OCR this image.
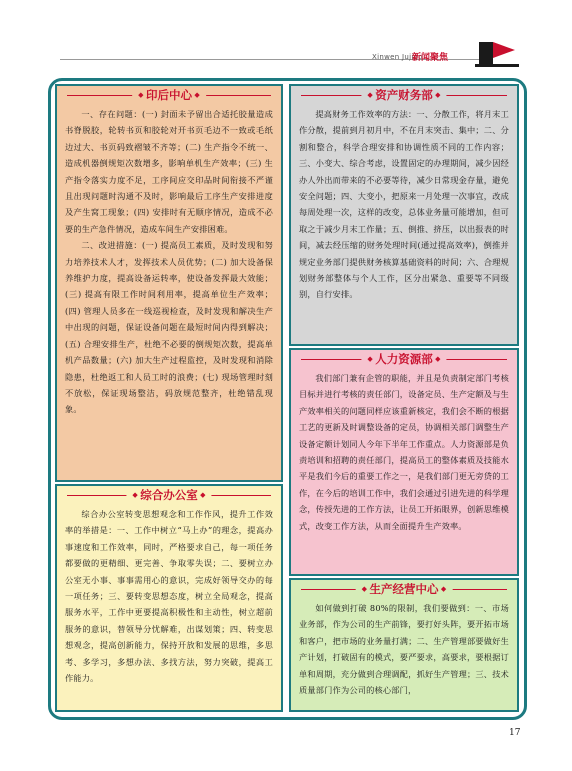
Xinwen Jujiao
新闻聚焦
◆ 印后中心 ◆

一、存在问题：(一) 封面未予留出合适托胶量造成书脊脱胶，轮转书页和胶轮对开书页毛边不一致或毛纸边过大、书页码致褶皱不齐等；(二) 生产指令不统一、造成机器倒规矩次数增多，影响单机生产效率；(三) 生产指令落实力度不足，工序间应交印品时间衔接不严谨且出现问题时沟通不及时，影响最后工序生产安排进度及产生窝工现象；(四) 安排时有无顺序情况，造成不必要的生产急件情况，造成车间生产安排困难。

二、改进措施：(一) 提高员工素质，及时发现和努力培养技术人才，发挥技术人员优势；(二) 加大设备保养维护力度，提高设备运转率，使设备发挥最大效能；(三) 提高有限工作时间利用率，提高单位生产效率；(四) 管理人员多在一线巡视检查，及时发现和解决生产中出现的问题，保证设备问题在最短时间内得到解决；(五) 合理安排生产，杜绝不必要的倒规矩次数，提高单机产品数量；(六) 加大生产过程监控，及时发现和消除隐患，杜绝返工和人员工时的浪费；(七) 现场管理时刻不放松，保证现场整洁，码放规范整齐，杜绝错乱现象。

◆ 综合办公室 ◆

综合办公室转变思想观念和工作作风，提升工作效率的举措是：一、工作中树立“马上办”的理念，提高办事速度和工作效率，同时，严格要求自己，每一项任务都要做的更精细、更完善、争取零失误；二、要树立办公室无小事、事事需用心的意识，完成好领导交办的每一项任务；三、要转变思想态度，树立全局观念，提高服务水平，工作中更要提高积极性和主动性，树立超前服务的意识，替领导分忧解难，出谋划策；四、转变思想观念，提高创新能力，保持开放和发展的思维，多思考、多学习，多想办法、多找方法，努力突破，提高工作能力。

◆ 资产财务部 ◆

提高财务工作效率的方法：一、分散工作，将月末工作分散，提前到月初月中，不在月末突击、集中；二、分割和整合，科学合理安排和协调性质不同的工作内容；三、小变大、综合考虑，设置固定的办理期间，减少因经办人外出而带来的不必要等待，减少日常现金存量，避免安全问题；四、大变小，把原来一月处理一次事宜，改成每周处理一次，这样的改变，总体业务量可能增加，但可取之于减少月末工作量；五、倒推、挤压，以出报表的时间，减去经压缩的财务处理时间(通过提高效率)，倒推并规定业务部门提供财务核算基础资料的时间；六、合理规划财务部整体与个人工作，区分出紧急、重要等不同级别，自行安排。

◆ 人力资源部 ◆

我们部门兼有企管的职能，并且是负责制定部门考核目标并进行考核的责任部门，设备定员、生产定额及与生产效率相关的问题同样应该重新核定，我们会不断的根据工艺的更新及时调整设备的定员，协调相关部门调整生产设备定额计划同人今年下半年工作重点。人力资源部是负责培训和招聘的责任部门，提高员工的整体素质及技能水平是我们今后的重要工作之一，是我们部门更无旁贷的工作，在今后的培训工作中，我们会通过引进先进的科学理念，传授先进的工作方法，让员工开拓眼界，创新思维模式，改变工作方法，从而全面提升生产效率。

◆ 生产经营中心 ◆

如何做到打破 80%的限制，我们要做到：一、市场业务部，作为公司的生产前锋，要打好头阵，要开拓市场和客户，把市场的业务量打满；二、生产管理部要做好生产计划，打破固有的模式，要严要求，高要求，要根据订单和周期，充分做到合理调配，抓好生产管理；三、技术质量部门作为公司的核心部门，

17
